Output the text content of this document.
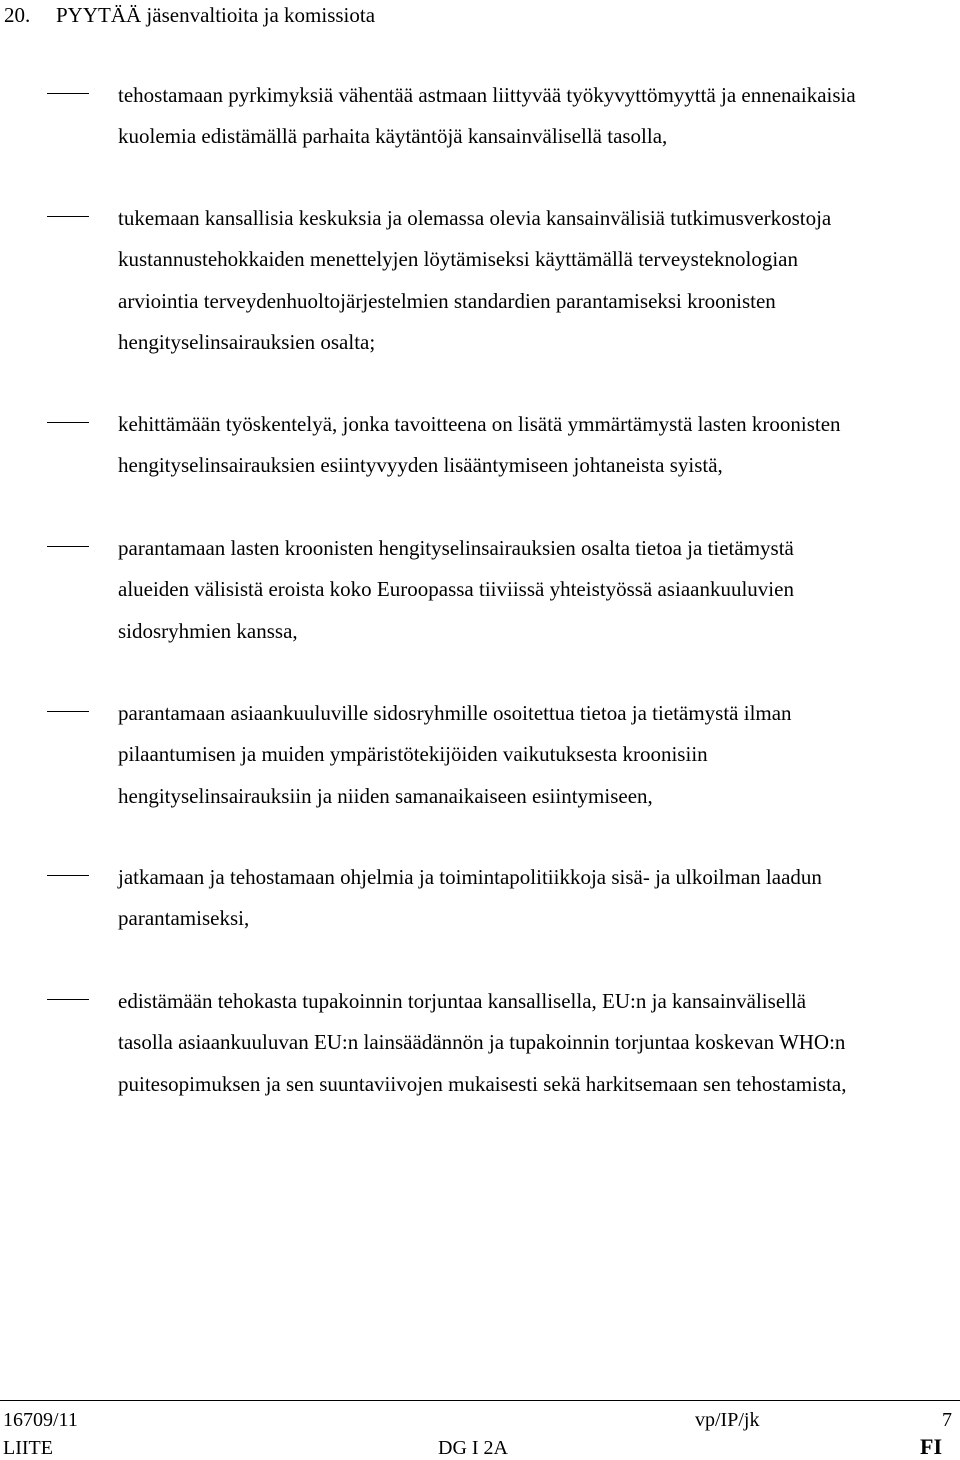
20. PYYTÄÄ jäsenvaltioita ja komissiota
tehostamaan pyrkimyksiä vähentää astmaan liittyvää työkyvyttömyyttä ja ennenaikaisia
kuolemia edistämällä parhaita käytäntöjä kansainvälisellä tasolla,
tukemaan kansallisia keskuksia ja olemassa olevia kansainvälisiä tutkimusverkostoja
kustannustehokkaiden menettelyjen löytämiseksi käyttämällä terveysteknologian
arviointia terveydenhuoltojärjestelmien standardien parantamiseksi kroonisten
hengityselinsairauksien osalta;
kehittämään työskentelyä, jonka tavoitteena on lisätä ymmärtämystä lasten kroonisten
hengityselinsairauksien esiintyvyyden lisääntymiseen johtaneista syistä,
parantamaan lasten kroonisten hengityselinsairauksien osalta tietoa ja tietämystä
alueiden välisistä eroista koko Euroopassa tiiviissä yhteistyössä asiaankuuluvien
sidosryhmien kanssa,
parantamaan asiaankuuluville sidosryhmille osoitettua tietoa ja tietämystä ilman
pilaantumisen ja muiden ympäristötekijöiden vaikutuksesta kroonisiin
hengityselinsairauksiin ja niiden samanaikaiseen esiintymiseen,
jatkamaan ja tehostamaan ohjelmia ja toimintapolitiikkoja sisä- ja ulkoilman laadun
parantamiseksi,
edistämään tehokasta tupakoinnin torjuntaa kansallisella, EU:n ja kansainvälisellä
tasolla asiaankuuluvan EU:n lainsäädännön ja tupakoinnin torjuntaa koskevan WHO:n
puitesopimuksen ja sen suuntaviivojen mukaisesti sekä harkitsemaan sen tehostamista,
16709/11	vp/IP/jk	7
LIITE	DG I 2A	FI
